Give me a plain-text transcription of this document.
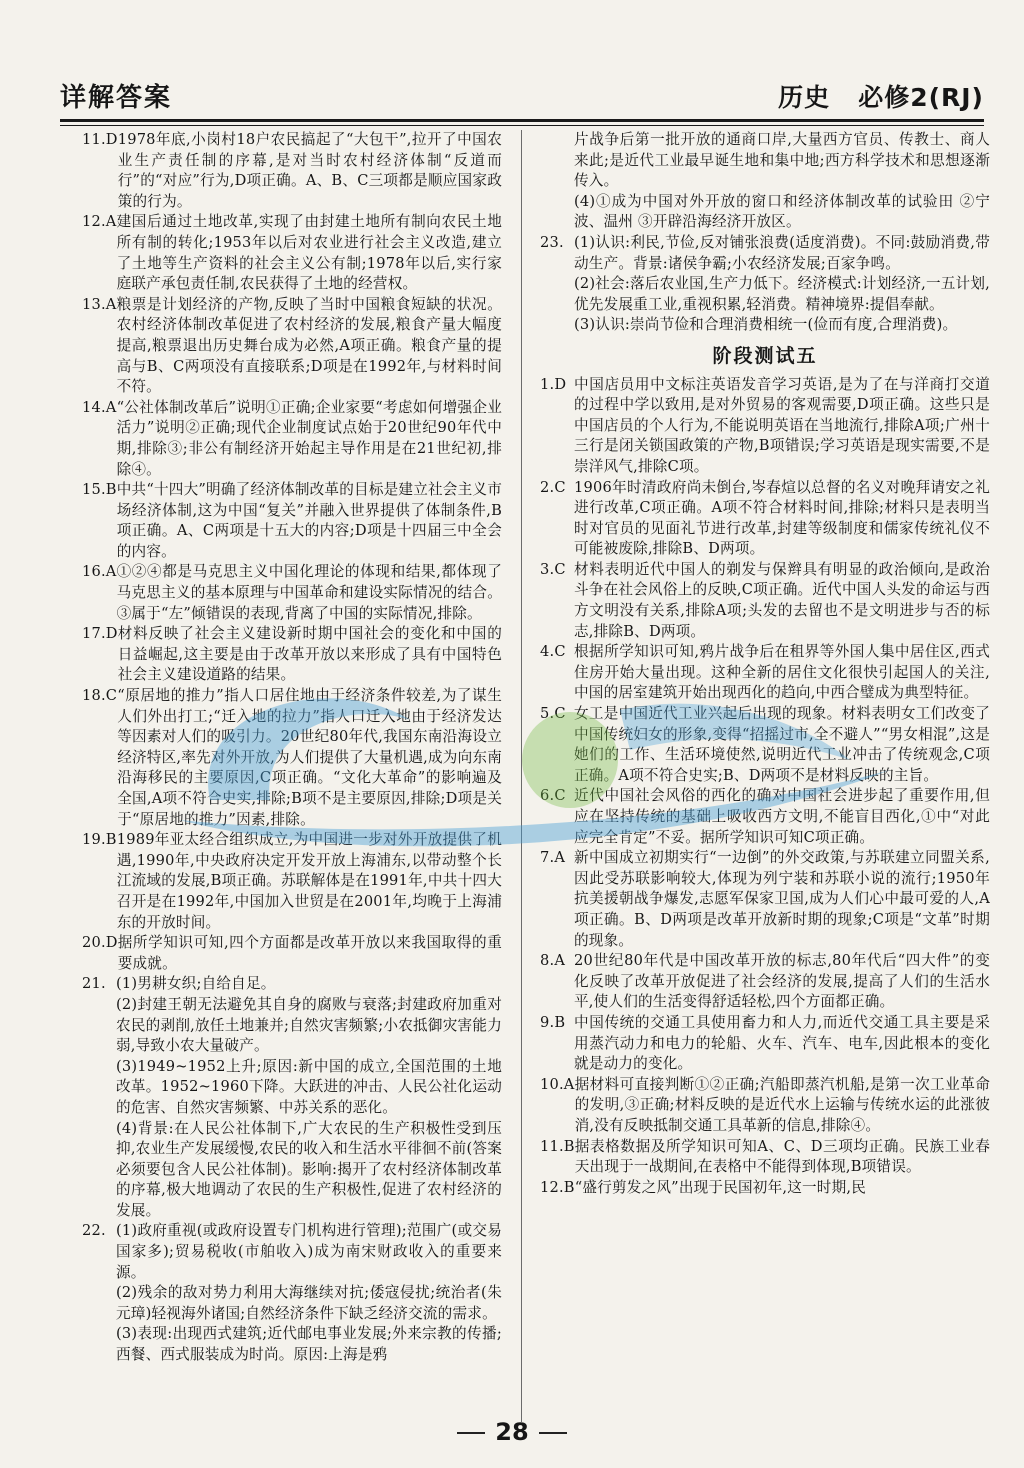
详解答案	历史 必修2(RJ)
11.D 1978年底,小岗村18户农民搞起了“大包干”,拉开了中国农业生产责任制的序幕,是对当时农村经济体制“反道而行”的“对应”行为,D项正确。A、B、C三项都是顺应国家政策的行为。
12.A 建国后通过土地改革,实现了由封建土地所有制向农民土地所有制的转化;1953年以后对农业进行社会主义改造,建立了土地等生产资料的社会主义公有制;1978年以后,实行家庭联产承包责任制,农民获得了土地的经营权。
13.A 粮票是计划经济的产物,反映了当时中国粮食短缺的状况。农村经济体制改革促进了农村经济的发展,粮食产量大幅度提高,粮票退出历史舞台成为必然,A项正确。粮食产量的提高与B、C两项没有直接联系;D项是在1992年,与材料时间不符。
14.A “公社体制改革后”说明①正确;企业家要“考虑如何增强企业活力”说明②正确;现代企业制度试点始于20世纪90年代中期,排除③;非公有制经济开始起主导作用是在21世纪初,排除④。
15.B 中共“十四大”明确了经济体制改革的目标是建立社会主义市场经济体制,这为中国“复关”并融入世界提供了体制条件,B项正确。A、C两项是十五大的内容;D项是十四届三中全会的内容。
16.A ①②④都是马克思主义中国化理论的体现和结果,都体现了马克思主义的基本原理与中国革命和建设实际情况的结合。③属于“左”倾错误的表现,背离了中国的实际情况,排除。
17.D 材料反映了社会主义建设新时期中国社会的变化和中国的日益崛起,这主要是由于改革开放以来形成了具有中国特色社会主义建设道路的结果。
18.C “原居地的推力”指人口居住地由于经济条件较差,为了谋生人们外出打工;“迁入地的拉力”指人口迁入地由于经济发达等因素对人们的吸引力。20世纪80年代,我国东南沿海设立经济特区,率先对外开放,为人们提供了大量机遇,成为向东南沿海移民的主要原因,C项正确。“文化大革命”的影响遍及全国,A项不符合史实,排除;B项不是主要原因,排除;D项是关于“原居地的推力”因素,排除。
19.B 1989年亚太经合组织成立,为中国进一步对外开放提供了机遇,1990年,中央政府决定开发开放上海浦东,以带动整个长江流域的发展,B项正确。苏联解体是在1991年,中共十四大召开是在1992年,中国加入世贸是在2001年,均晚于上海浦东的开放时间。
20.D 据所学知识可知,四个方面都是改革开放以来我国取得的重要成就。
21. (1)男耕女织;自给自足。
(2)封建王朝无法避免其自身的腐败与衰落;封建政府加重对农民的剥削,放任土地兼并;自然灾害频繁;小农抵御灾害能力弱,导致小农大量破产。
(3)1949~1952上升;原因:新中国的成立,全国范围的土地改革。1952~1960下降。大跃进的冲击、人民公社化运动的危害、自然灾害频繁、中苏关系的恶化。
(4)背景:在人民公社体制下,广大农民的生产积极性受到压抑,农业生产发展缓慢,农民的收入和生活水平徘徊不前(答案必须要包含人民公社体制)。影响:揭开了农村经济体制改革的序幕,极大地调动了农民的生产积极性,促进了农村经济的发展。
22. (1)政府重视(或政府设置专门机构进行管理);范围广(或交易国家多);贸易税收(市舶收入)成为南宋财政收入的重要来源。
(2)残余的敌对势力利用大海继续对抗;倭寇侵扰;统治者(朱元璋)轻视海外诸国;自然经济条件下缺乏经济交流的需求。
(3)表现:出现西式建筑;近代邮电事业发展;外来宗教的传播;西餐、西式服装成为时尚。原因:上海是鸦
片战争后第一批开放的通商口岸,大量西方官员、传教士、商人来此;是近代工业最早诞生地和集中地;西方科学技术和思想逐渐传入。
(4)①成为中国对外开放的窗口和经济体制改革的试验田 ②宁波、温州 ③开辟沿海经济开放区。
23. (1)认识:利民,节俭,反对铺张浪费(适度消费)。不同:鼓励消费,带动生产。背景:诸侯争霸;小农经济发展;百家争鸣。
(2)社会:落后农业国,生产力低下。经济模式:计划经济,一五计划,优先发展重工业,重视积累,轻消费。精神境界:提倡奉献。
(3)认识:崇尚节俭和合理消费相统一(俭而有度,合理消费)。
阶段测试五
1.D 中国店员用中文标注英语发音学习英语,是为了在与洋商打交道的过程中学以致用,是对外贸易的客观需要,D项正确。这些只是中国店员的个人行为,不能说明英语在当地流行,排除A项;广州十三行是闭关锁国政策的产物,B项错误;学习英语是现实需要,不是崇洋风气,排除C项。
2.C 1906年时清政府尚未倒台,岑春煊以总督的名义对晚拜请安之礼进行改革,C项正确。A项不符合材料时间,排除;材料只是表明当时对官员的见面礼节进行改革,封建等级制度和儒家传统礼仪不可能被废除,排除B、D两项。
3.C 材料表明近代中国人的剃发与保辫具有明显的政治倾向,是政治斗争在社会风俗上的反映,C项正确。近代中国人头发的命运与西方文明没有关系,排除A项;头发的去留也不是文明进步与否的标志,排除B、D两项。
4.C 根据所学知识可知,鸦片战争后在租界等外国人集中居住区,西式住房开始大量出现。这种全新的居住文化很快引起国人的关注,中国的居室建筑开始出现西化的趋向,中西合璧成为典型特征。
5.C 女工是中国近代工业兴起后出现的现象。材料表明女工们改变了中国传统妇女的形象,变得“招摇过市,全不避人”“男女相混”,这是她们的工作、生活环境使然,说明近代工业冲击了传统观念,C项正确。A项不符合史实;B、D两项不是材料反映的主旨。
6.C 近代中国社会风俗的西化的确对中国社会进步起了重要作用,但应在坚持传统的基础上吸收西方文明,不能盲目西化,①中“对此应完全肯定”不妥。据所学知识可知C项正确。
7.A 新中国成立初期实行“一边倒”的外交政策,与苏联建立同盟关系,因此受苏联影响较大,体现为列宁装和苏联小说的流行;1950年抗美援朝战争爆发,志愿军保家卫国,成为人们心中最可爱的人,A项正确。B、D两项是改革开放新时期的现象;C项是“文革”时期的现象。
8.A 20世纪80年代是中国改革开放的标志,80年代后“四大件”的变化反映了改革开放促进了社会经济的发展,提高了人们的生活水平,使人们的生活变得舒适轻松,四个方面都正确。
9.B 中国传统的交通工具使用畜力和人力,而近代交通工具主要是采用蒸汽动力和电力的轮船、火车、汽车、电车,因此根本的变化就是动力的变化。
10.A 据材料可直接判断①②正确;汽船即蒸汽机船,是第一次工业革命的发明,③正确;材料反映的是近代水上运输与传统水运的此涨彼消,没有反映抵制交通工具革新的信息,排除④。
11.B 据表格数据及所学知识可知A、C、D三项均正确。民族工业春天出现于一战期间,在表格中不能得到体现,B项错误。
12.B “盛行剪发之风”出现于民国初年,这一时期,民
28
